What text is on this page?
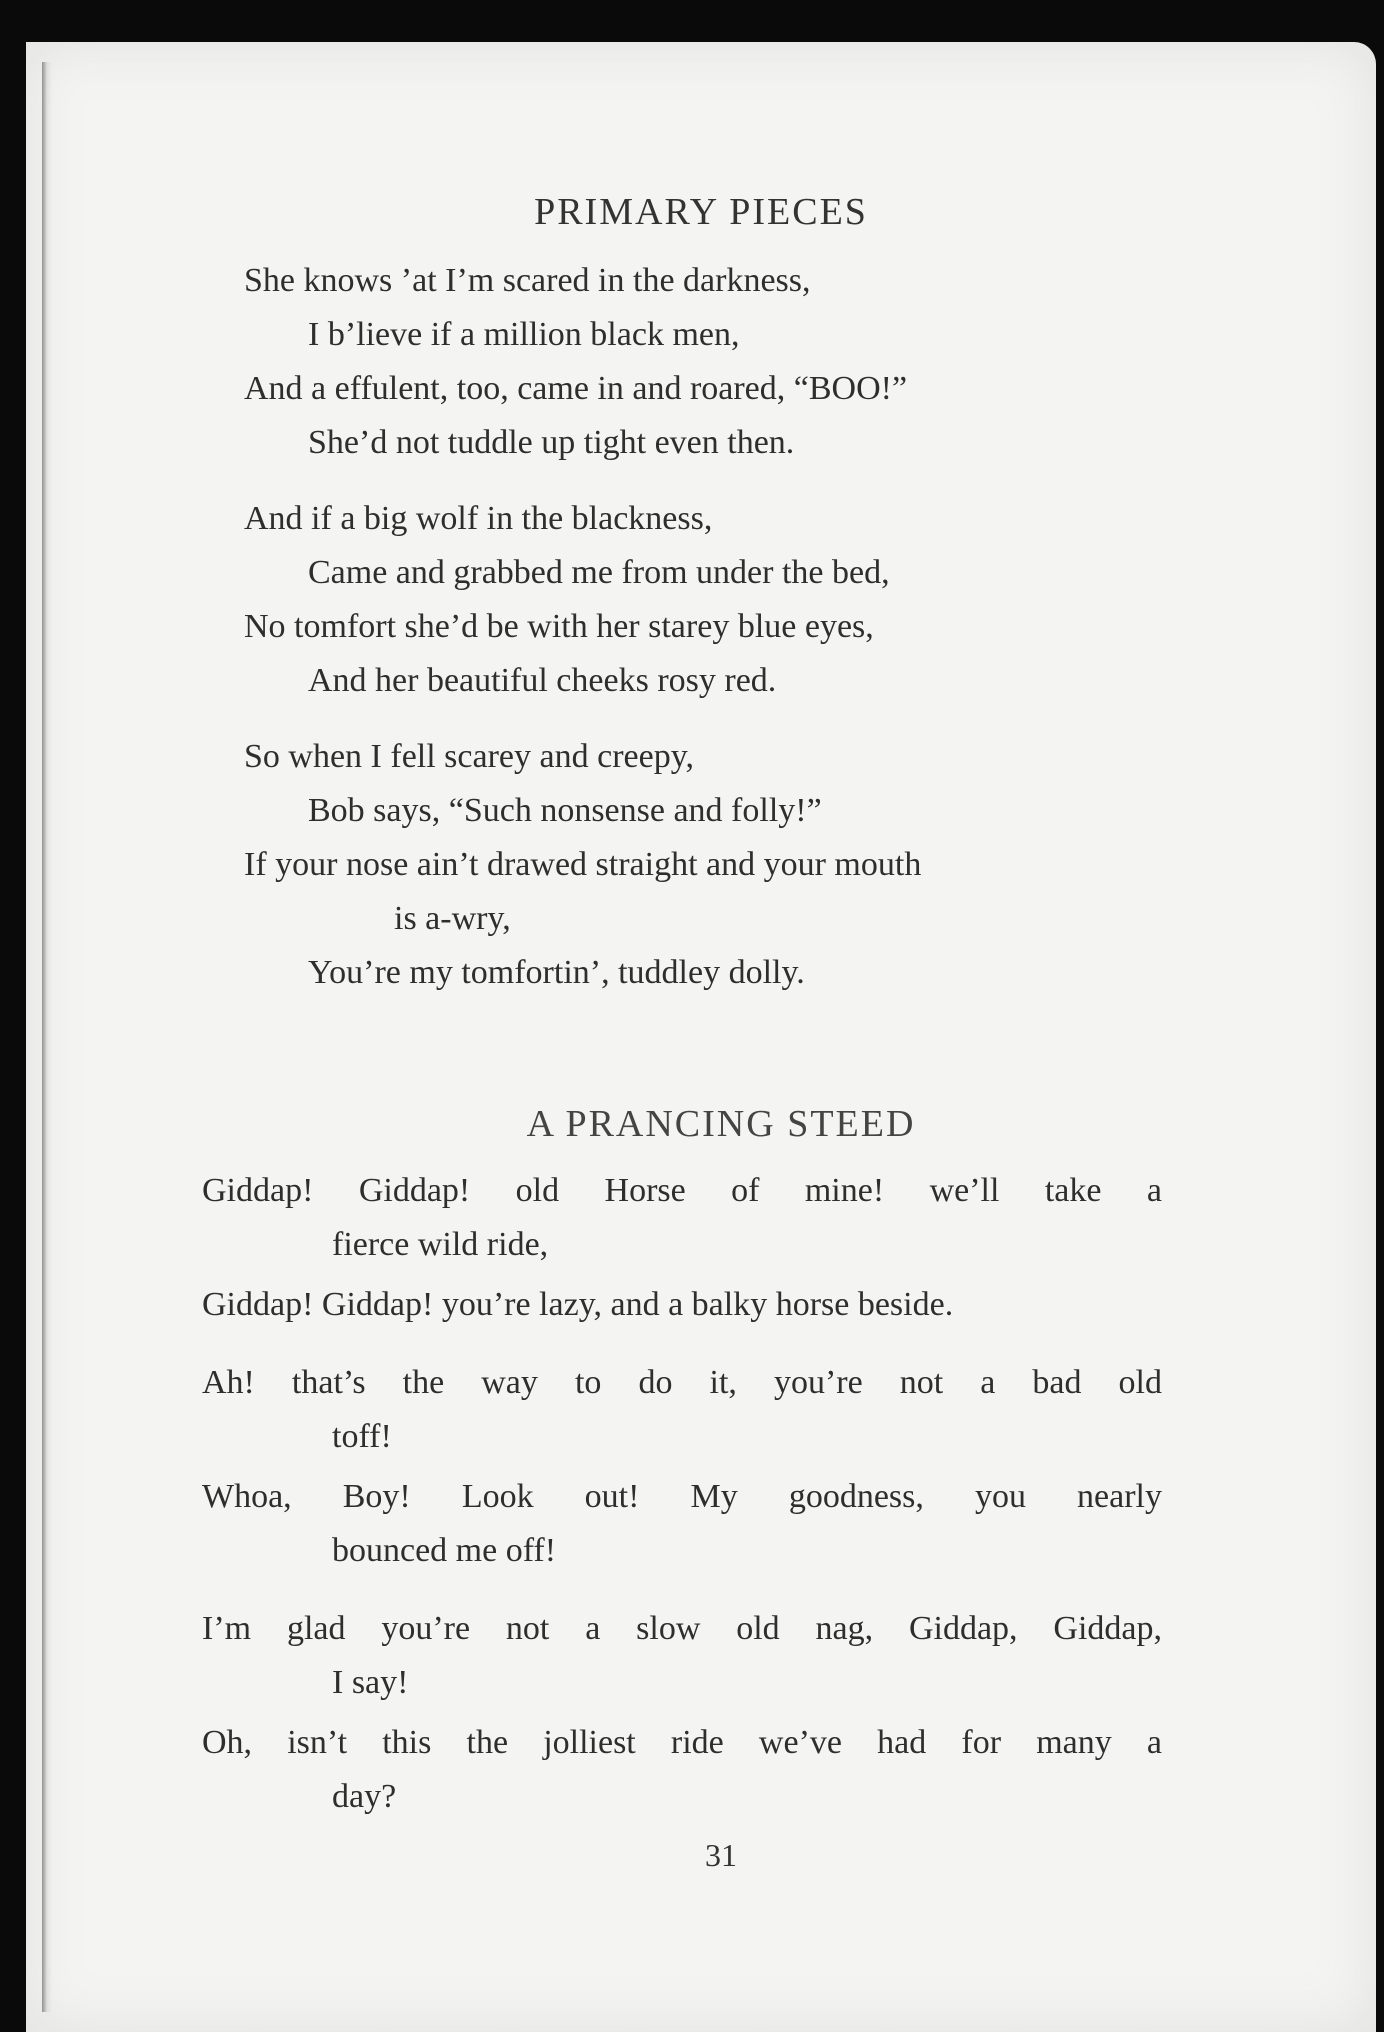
PRIMARY PIECES
She knows ’at I’m scared in the darkness,
I b’lieve if a million black men,
And a effulent, too, came in and roared, “BOO!”
She’d not tuddle up tight even then.
And if a big wolf in the blackness,
Came and grabbed me from under the bed,
No tomfort she’d be with her starey blue eyes,
And her beautiful cheeks rosy red.
So when I fell scarey and creepy,
Bob says, “Such nonsense and folly!”
If your nose ain’t drawed straight and your mouth
is a-wry,
You’re my tomfortin’, tuddley dolly.
A PRANCING STEED
Giddap! Giddap! old Horse of mine! we’ll take a
fierce wild ride,
Giddap! Giddap! you’re lazy, and a balky horse beside.
Ah! that’s the way to do it, you’re not a bad old
toff!
Whoa, Boy! Look out! My goodness, you nearly
bounced me off!
I’m glad you’re not a slow old nag, Giddap, Giddap,
I say!
Oh, isn’t this the jolliest ride we’ve had for many a
day?
31
